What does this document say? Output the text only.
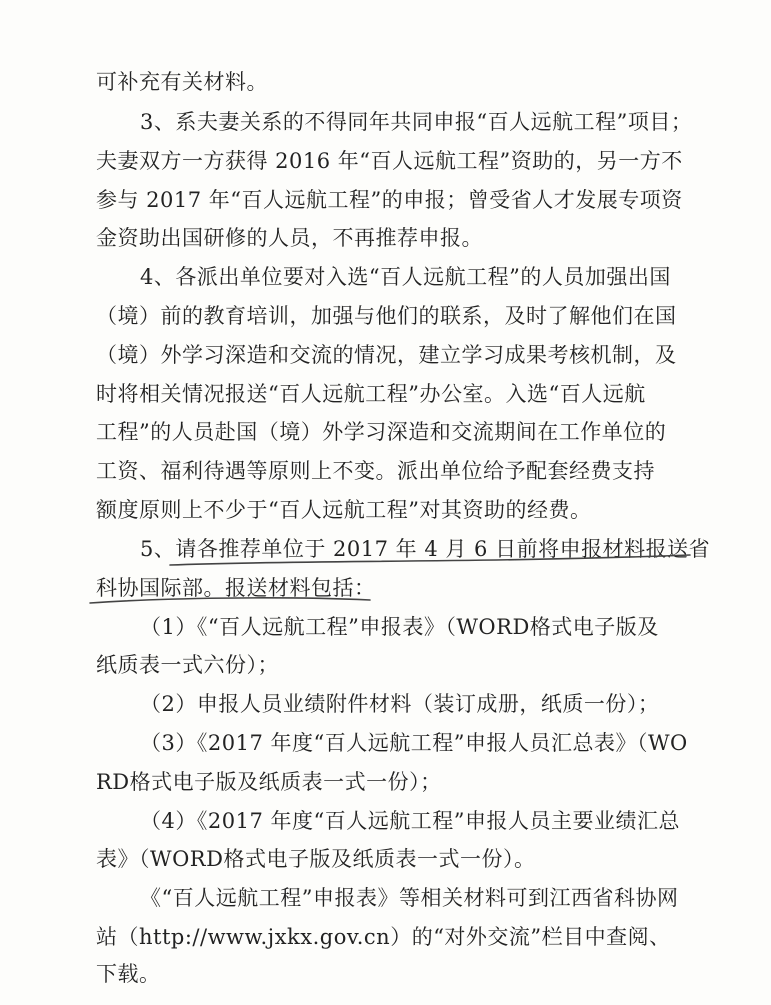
可补充有关材料。
3、系夫妻关系的不得同年共同申报“百人远航工程”项目；
夫妻双方一方获得 2016 年“百人远航工程”资助的，另一方不
参与 2017 年“百人远航工程”的申报；曾受省人才发展专项资
金资助出国研修的人员，不再推荐申报。
4、各派出单位要对入选“百人远航工程”的人员加强出国
（境）前的教育培训，加强与他们的联系，及时了解他们在国
（境）外学习深造和交流的情况，建立学习成果考核机制，及
时将相关情况报送“百人远航工程”办公室。入选“百人远航
工程”的人员赴国（境）外学习深造和交流期间在工作单位的
工资、福利待遇等原则上不变。派出单位给予配套经费支持
额度原则上不少于“百人远航工程”对其资助的经费。
5、请各推荐单位于 2017 年 4 月 6 日前将申报材料报送省
科协国际部。报送材料包括：
（1）《“百人远航工程”申报表》（WORD格式电子版及
纸质表一式六份）；
（2）申报人员业绩附件材料（装订成册，纸质一份）；
（3）《2017 年度“百人远航工程”申报人员汇总表》（WO
RD格式电子版及纸质表一式一份）；
（4）《2017 年度“百人远航工程”申报人员主要业绩汇总
表》（WORD格式电子版及纸质表一式一份）。
《“百人远航工程”申报表》等相关材料可到江西省科协网
站（http://www.jxkx.gov.cn）的“对外交流”栏目中查阅、
下载。
